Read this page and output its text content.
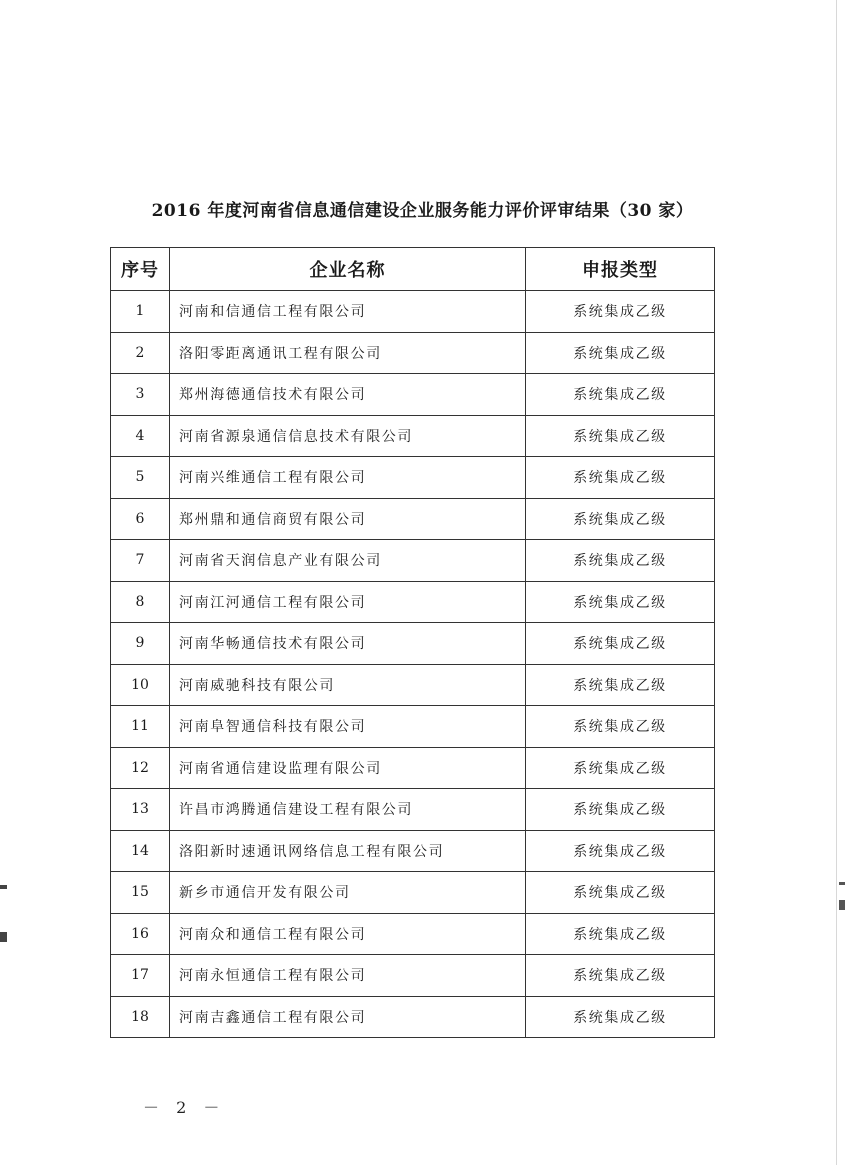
2016 年度河南省信息通信建设企业服务能力评价评审结果（30 家）
序号	企业名称	申报类型
1	河南和信通信工程有限公司	系统集成乙级
2	洛阳零距离通讯工程有限公司	系统集成乙级
3	郑州海德通信技术有限公司	系统集成乙级
4	河南省源泉通信信息技术有限公司	系统集成乙级
5	河南兴维通信工程有限公司	系统集成乙级
6	郑州鼎和通信商贸有限公司	系统集成乙级
7	河南省天润信息产业有限公司	系统集成乙级
8	河南江河通信工程有限公司	系统集成乙级
9	河南华畅通信技术有限公司	系统集成乙级
10	河南威驰科技有限公司	系统集成乙级
11	河南阜智通信科技有限公司	系统集成乙级
12	河南省通信建设监理有限公司	系统集成乙级
13	许昌市鸿腾通信建设工程有限公司	系统集成乙级
14	洛阳新时速通讯网络信息工程有限公司	系统集成乙级
15	新乡市通信开发有限公司	系统集成乙级
16	河南众和通信工程有限公司	系统集成乙级
17	河南永恒通信工程有限公司	系统集成乙级
18	河南吉鑫通信工程有限公司	系统集成乙级
－ 2 －
